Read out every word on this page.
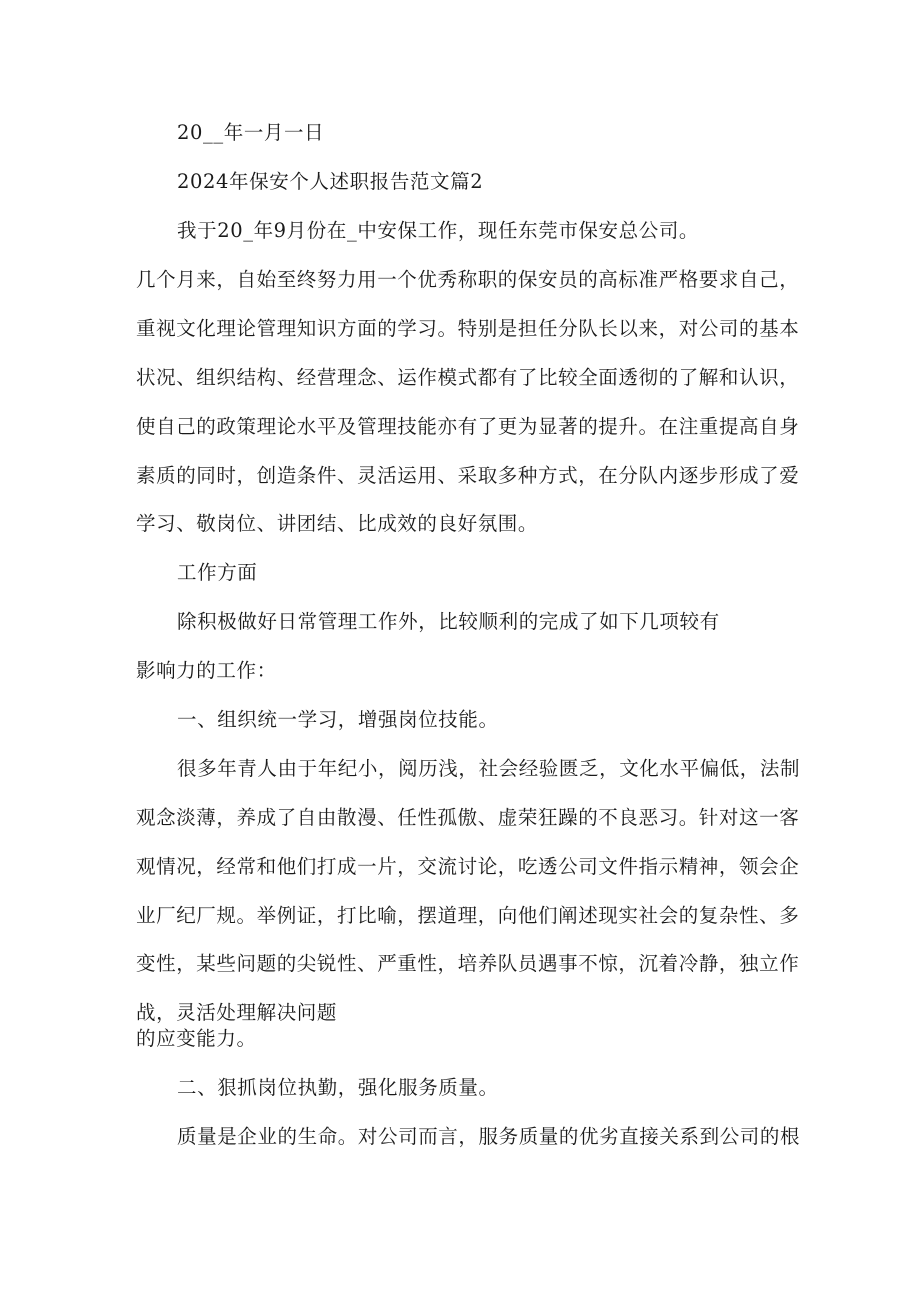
20__年一月一日
2024年保安个人述职报告范文篇2
我于20_年9月份在_中安保工作，现任东莞市保安总公司。
几个月来，自始至终努力用一个优秀称职的保安员的高标准严格要求自己，
重视文化理论管理知识方面的学习。特别是担任分队长以来，对公司的基本
状况、组织结构、经营理念、运作模式都有了比较全面透彻的了解和认识，
使自己的政策理论水平及管理技能亦有了更为显著的提升。在注重提高自身
素质的同时，创造条件、灵活运用、采取多种方式，在分队内逐步形成了爱
学习、敬岗位、讲团结、比成效的良好氛围。
工作方面
除积极做好日常管理工作外，比较顺利的完成了如下几项较有
影响力的工作：
一、组织统一学习，增强岗位技能。
很多年青人由于年纪小，阅历浅，社会经验匮乏，文化水平偏低，法制
观念淡薄，养成了自由散漫、任性孤傲、虚荣狂躁的不良恶习。针对这一客
观情况，经常和他们打成一片，交流讨论，吃透公司文件指示精神，领会企
业厂纪厂规。举例证，打比喻，摆道理，向他们阐述现实社会的复杂性、多
变性，某些问题的尖锐性、严重性，培养队员遇事不惊，沉着冷静，独立作
战，灵活处理解决问题
的应变能力。
二、狠抓岗位执勤，强化服务质量。
质量是企业的生命。对公司而言，服务质量的优劣直接关系到公司的根
